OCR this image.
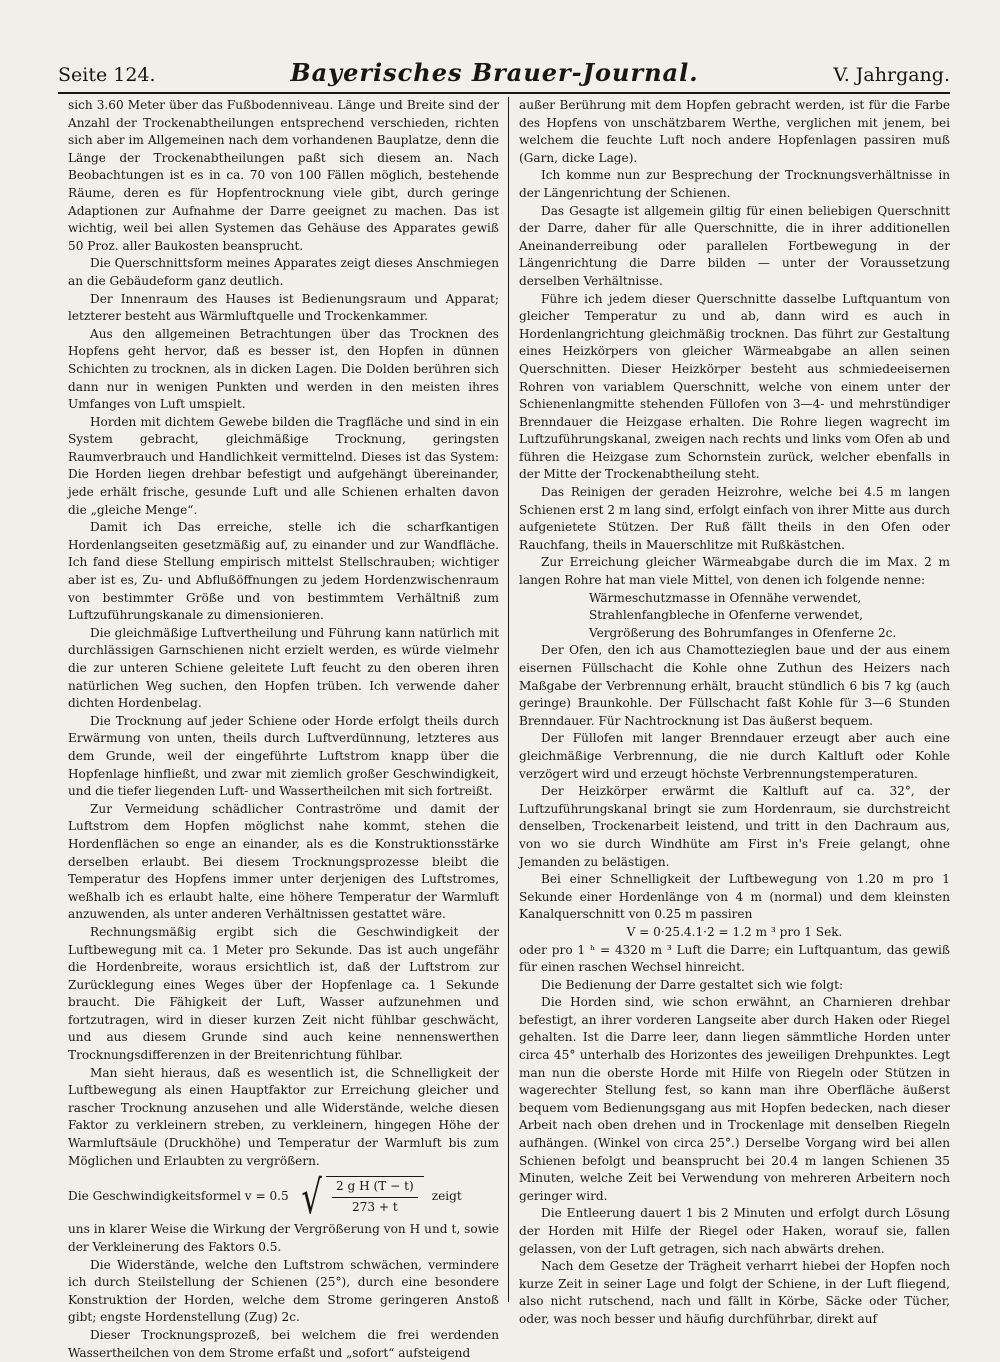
Seite 124.	Bayerisches Brauer-Journal.	V. Jahrgang.

sich 3.60 Meter über das Fußbodenniveau. Länge und Breite sind der Anzahl der Trockenabtheilungen entsprechend verschieden, richten sich aber im Allgemeinen nach dem vorhandenen Bauplatze, denn die Länge der Trockenabtheilungen paßt sich diesem an. Nach Beobachtungen ist es in ca. 70 von 100 Fällen möglich, bestehende Räume, deren es für Hopfentrocknung viele gibt, durch geringe Adaptionen zur Aufnahme der Darre geeignet zu machen. Das ist wichtig, weil bei allen Systemen das Gehäuse des Apparates gewiß 50 Proz. aller Baukosten beansprucht.

Die Querschnittsform meines Apparates zeigt dieses Anschmiegen an die Gebäudeform ganz deutlich.

Der Innenraum des Hauses ist Bedienungsraum und Apparat; letzterer besteht aus Wärmluftquelle und Trockenkammer.

Aus den allgemeinen Betrachtungen über das Trocknen des Hopfens geht hervor, daß es besser ist, den Hopfen in dünnen Schichten zu trocknen, als in dicken Lagen. Die Dolden berühren sich dann nur in wenigen Punkten und werden in den meisten ihres Umfanges von Luft umspielt.

Horden mit dichtem Gewebe bilden die Tragfläche und sind in ein System gebracht, gleichmäßige Trocknung, geringsten Raumverbrauch und Handlichkeit vermittelnd. Dieses ist das System: Die Horden liegen drehbar befestigt und aufgehängt übereinander, jede erhält frische, gesunde Luft und alle Schienen erhalten davon die „gleiche Menge“.

Damit ich Das erreiche, stelle ich die scharfkantigen Hordenlangseiten gesetzmäßig auf, zu einander und zur Wandfläche. Ich fand diese Stellung empirisch mittelst Stellschrauben; wichtiger aber ist es, Zu- und Abflußöffnungen zu jedem Hordenzwischenraum von bestimmter Größe und von bestimmtem Verhältniß zum Luftzuführungskanale zu dimensionieren.

Die gleichmäßige Luftvertheilung und Führung kann natürlich mit durchlässigen Garnschienen nicht erzielt werden, es würde vielmehr die zur unteren Schiene geleitete Luft feucht zu den oberen ihren natürlichen Weg suchen, den Hopfen trüben. Ich verwende daher dichten Hordenbelag.

Die Trocknung auf jeder Schiene oder Horde erfolgt theils durch Erwärmung von unten, theils durch Luftverdünnung, letzteres aus dem Grunde, weil der eingeführte Luftstrom knapp über die Hopfenlage hinfließt, und zwar mit ziemlich großer Geschwindigkeit, und die tiefer liegenden Luft- und Wassertheilchen mit sich fortreißt.

Zur Vermeidung schädlicher Contraströme und damit der Luftstrom dem Hopfen möglichst nahe kommt, stehen die Hordenflächen so enge an einander, als es die Konstruktionsstärke derselben erlaubt. Bei diesem Trocknungsprozesse bleibt die Temperatur des Hopfens immer unter derjenigen des Luftstromes, weßhalb ich es erlaubt halte, eine höhere Temperatur der Warmluft anzuwenden, als unter anderen Verhältnissen gestattet wäre.

Rechnungsmäßig ergibt sich die Geschwindigkeit der Luftbewegung mit ca. 1 Meter pro Sekunde. Das ist auch ungefähr die Hordenbreite, woraus ersichtlich ist, daß der Luftstrom zur Zurücklegung eines Weges über der Hopfenlage ca. 1 Sekunde braucht. Die Fähigkeit der Luft, Wasser aufzunehmen und fortzutragen, wird in dieser kurzen Zeit nicht fühlbar geschwächt, und aus diesem Grunde sind auch keine nennenswerthen Trocknungsdifferenzen in der Breitenrichtung fühlbar.

Man sieht hieraus, daß es wesentlich ist, die Schnelligkeit der Luftbewegung als einen Hauptfaktor zur Erreichung gleicher und rascher Trocknung anzusehen und alle Widerstände, welche diesen Faktor zu verkleinern streben, zu verkleinern, hingegen Höhe der Warmluftsäule (Druckhöhe) und Temperatur der Warmluft bis zum Möglichen und Erlaubten zu vergrößern.

Die Geschwindigkeitsformel v = 0.5 √ $\frac{\text{2 g H (T − t)}}{273 + t}$ zeigt

uns in klarer Weise die Wirkung der Vergrößerung von H und t, sowie der Verkleinerung des Faktors 0.5.

Die Widerstände, welche den Luftstrom schwächen, vermindere ich durch Steilstellung der Schienen (25°), durch eine besondere Konstruktion der Horden, welche dem Strome geringeren Anstoß gibt; engste Hordenstellung (Zug) 2c.

Dieser Trocknungsprozeß, bei welchem die frei werdenden Wassertheilchen von dem Strome erfaßt und „sofort“ aufsteigend

außer Berührung mit dem Hopfen gebracht werden, ist für die Farbe des Hopfens von unschätzbarem Werthe, verglichen mit jenem, bei welchem die feuchte Luft noch andere Hopfenlagen passiren muß (Garn, dicke Lage).

Ich komme nun zur Besprechung der Trocknungsverhältnisse in der Längenrichtung der Schienen.

Das Gesagte ist allgemein giltig für einen beliebigen Querschnitt der Darre, daher für alle Querschnitte, die in ihrer additionellen Aneinanderreibung oder parallelen Fortbewegung in der Längenrichtung die Darre bilden — unter der Voraussetzung derselben Verhältnisse.

Führe ich jedem dieser Querschnitte dasselbe Luftquantum von gleicher Temperatur zu und ab, dann wird es auch in Hordenlangrichtung gleichmäßig trocknen. Das führt zur Gestaltung eines Heizkörpers von gleicher Wärmeabgabe an allen seinen Querschnitten. Dieser Heizkörper besteht aus schmiedeeisernen Rohren von variablem Querschnitt, welche von einem unter der Schienenlangmitte stehenden Füllofen von 3—4- und mehrstündiger Brenndauer die Heizgase erhalten. Die Rohre liegen wagrecht im Luftzuführungskanal, zweigen nach rechts und links vom Ofen ab und führen die Heizgase zum Schornstein zurück, welcher ebenfalls in der Mitte der Trockenabtheilung steht.

Das Reinigen der geraden Heizrohre, welche bei 4.5 m langen Schienen erst 2 m lang sind, erfolgt einfach von ihrer Mitte aus durch aufgenietete Stützen. Der Ruß fällt theils in den Ofen oder Rauchfang, theils in Mauerschlitze mit Rußkästchen.

Zur Erreichung gleicher Wärmeabgabe durch die im Max. 2 m langen Rohre hat man viele Mittel, von denen ich folgende nenne:

Wärmeschutzmasse in Ofennähe verwendet,
Strahlenfangbleche in Ofenferne verwendet,
Vergrößerung des Bohrumfanges in Ofenferne 2c.

Der Ofen, den ich aus Chamottezieglen baue und der aus einem eisernen Füllschacht die Kohle ohne Zuthun des Heizers nach Maßgabe der Verbrennung erhält, braucht stündlich 6 bis 7 kg (auch geringe) Braunkohle. Der Füllschacht faßt Kohle für 3—6 Stunden Brenndauer. Für Nachtrocknung ist Das äußerst bequem.

Der Füllofen mit langer Brenndauer erzeugt aber auch eine gleichmäßige Verbrennung, die nie durch Kaltluft oder Kohle verzögert wird und erzeugt höchste Verbrennungstemperaturen.

Der Heizkörper erwärmt die Kaltluft auf ca. 32°, der Luftzuführungskanal bringt sie zum Hordenraum, sie durchstreicht denselben, Trockenarbeit leistend, und tritt in den Dachraum aus, von wo sie durch Windhüte am First in's Freie gelangt, ohne Jemanden zu belästigen.

Bei einer Schnelligkeit der Luftbewegung von 1.20 m pro 1 Sekunde einer Hordenlänge von 4 m (normal) und dem kleinsten Kanalquerschnitt von 0.25 m passiren

V = 0·25.4.1·2 = 1.2 m ³ pro 1 Sek.

oder pro 1 ʰ = 4320 m ³ Luft die Darre; ein Luftquantum, das gewiß für einen raschen Wechsel hinreicht.

Die Bedienung der Darre gestaltet sich wie folgt:

Die Horden sind, wie schon erwähnt, an Charnieren drehbar befestigt, an ihrer vorderen Langseite aber durch Haken oder Riegel gehalten. Ist die Darre leer, dann liegen sämmtliche Horden unter circa 45° unterhalb des Horizontes des jeweiligen Drehpunktes. Legt man nun die oberste Horde mit Hilfe von Riegeln oder Stützen in wagerechter Stellung fest, so kann man ihre Oberfläche äußerst bequem vom Bedienungsgang aus mit Hopfen bedecken, nach dieser Arbeit nach oben drehen und in Trockenlage mit denselben Riegeln aufhängen. (Winkel von circa 25°.) Derselbe Vorgang wird bei allen Schienen befolgt und beansprucht bei 20.4 m langen Schienen 35 Minuten, welche Zeit bei Verwendung von mehreren Arbeitern noch geringer wird.

Die Entleerung dauert 1 bis 2 Minuten und erfolgt durch Lösung der Horden mit Hilfe der Riegel oder Haken, worauf sie, fallen gelassen, von der Luft getragen, sich nach abwärts drehen.

Nach dem Gesetze der Trägheit verharrt hiebei der Hopfen noch kurze Zeit in seiner Lage und folgt der Schiene, in der Luft fliegend, also nicht rutschend, nach und fällt in Körbe, Säcke oder Tücher, oder, was noch besser und häufig durchführbar, direkt auf
